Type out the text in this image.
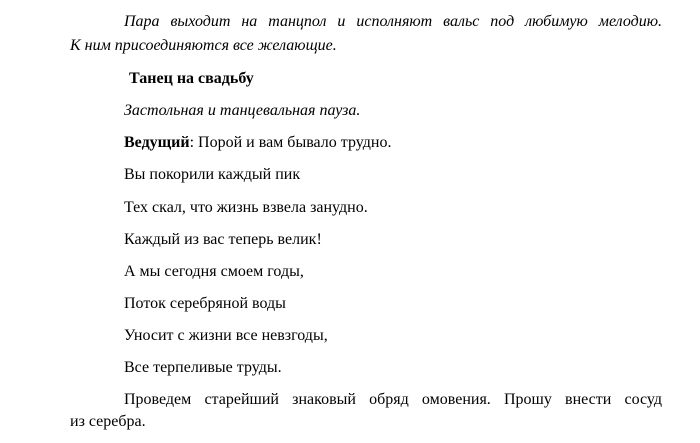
Пара выходит на танцпол и исполняют вальс под любимую мелодию.
К ним присоединяются все желающие.
Танец на свадьбу
Застольная и танцевальная пауза.
Ведущий: Порой и вам бывало трудно.
Вы покорили каждый пик
Тех скал, что жизнь взвела занудно.
Каждый из вас теперь велик!
А мы сегодня смоем годы,
Поток серебряной воды
Уносит с жизни все невзгоды,
Все терпеливые труды.
Проведем старейший знаковый обряд омовения. Прошу внести сосуд
из серебра.
